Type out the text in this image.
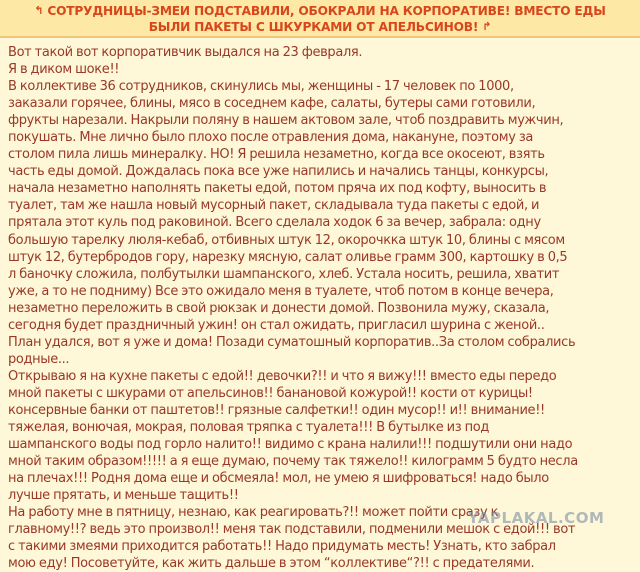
↰ СОТРУДНИЦЫ-ЗМЕИ ПОДСТАВИЛИ, ОБОКРАЛИ НА КОРПОРАТИВЕ! ВМЕСТО ЕДЫ
БЫЛИ ПАКЕТЫ С ШКУРКАМИ ОТ АПЕЛЬСИНОВ! ↱
Вот такой вот корпоративчик выдался на 23 февраля.
Я в диком шоке!!
В коллективе 36 сотрудников, скинулись мы, женщины - 17 человек по 1000,
заказали горячее, блины, мясо в соседнем кафе, салаты, бутеры сами готовили,
фрукты нарезали. Накрыли поляну в нашем актовом зале, чтоб поздравить мужчин,
покушать. Мне лично было плохо после отравления дома, накануне, поэтому за
столом пила лишь минералку. НО! Я решила незаметно, когда все окосеют, взять
часть еды домой. Дождалась пока все уже напились и начались танцы, конкурсы,
начала незаметно наполнять пакеты едой, потом пряча их под кофту, выносить в
туалет, там же нашла новый мусорный пакет, складывала туда пакеты с едой, и
прятала этот куль под раковиной. Всего сделала ходок 6 за вечер, забрала: одну
большую тарелку люля-кебаб, отбивных штук 12, окорочкка штук 10, блины с мясом
штук 12, бутербродов гору, нарезку мясную, салат оливье грамм 300, картошку в 0,5
л баночку сложила, полбутылки шампанского, хлеб. Устала носить, решила, хватит
уже, а то не подниму) Все это ожидало меня в туалете, чтоб потом в конце вечера,
незаметно переложить в свой рюкзак и донести домой. Позвонила мужу, сказала,
сегодня будет праздничный ужин! он стал ожидать, пригласил шурина с женой..
План удался, вот я уже и дома! Позади суматошный корпоратив..За столом собрались
родные...
Открываю я на кухне пакеты с едой!! девочки?!! и что я вижу!!! вместо еды передо
мной пакеты с шкурами от апельсинов!! банановой кожурой!! кости от курицы!
консервные банки от паштетов!! грязные салфетки!! один мусор!! и!! внимание!!
тяжелая, вонючая, мокрая, половая тряпка с туалета!!! В бутылке из под
шампанского воды под горло налито!! видимо с крана налили!!! подшутили они надо
мной таким образом!!!!! а я еще думаю, почему так тяжело!! килограмм 5 будто несла
на плечах!!! Родня дома еще и обсмеяла! мол, не умею я шифроваться! надо было
лучше прятать, и меньше тащить!!
На работу мне в пятницу, незнаю, как реагировать?!! может пойти сразу к
главному!!? ведь это произвол!! меня так подставили, подменили мешок с едой!!! вот
с такими змеями приходится работать!! Надо придумать месть! Узнать, кто забрал
мою еду! Посоветуйте, как жить дальше в этом “коллективе“?!! с предателями.
YAPLAKAL.COM
